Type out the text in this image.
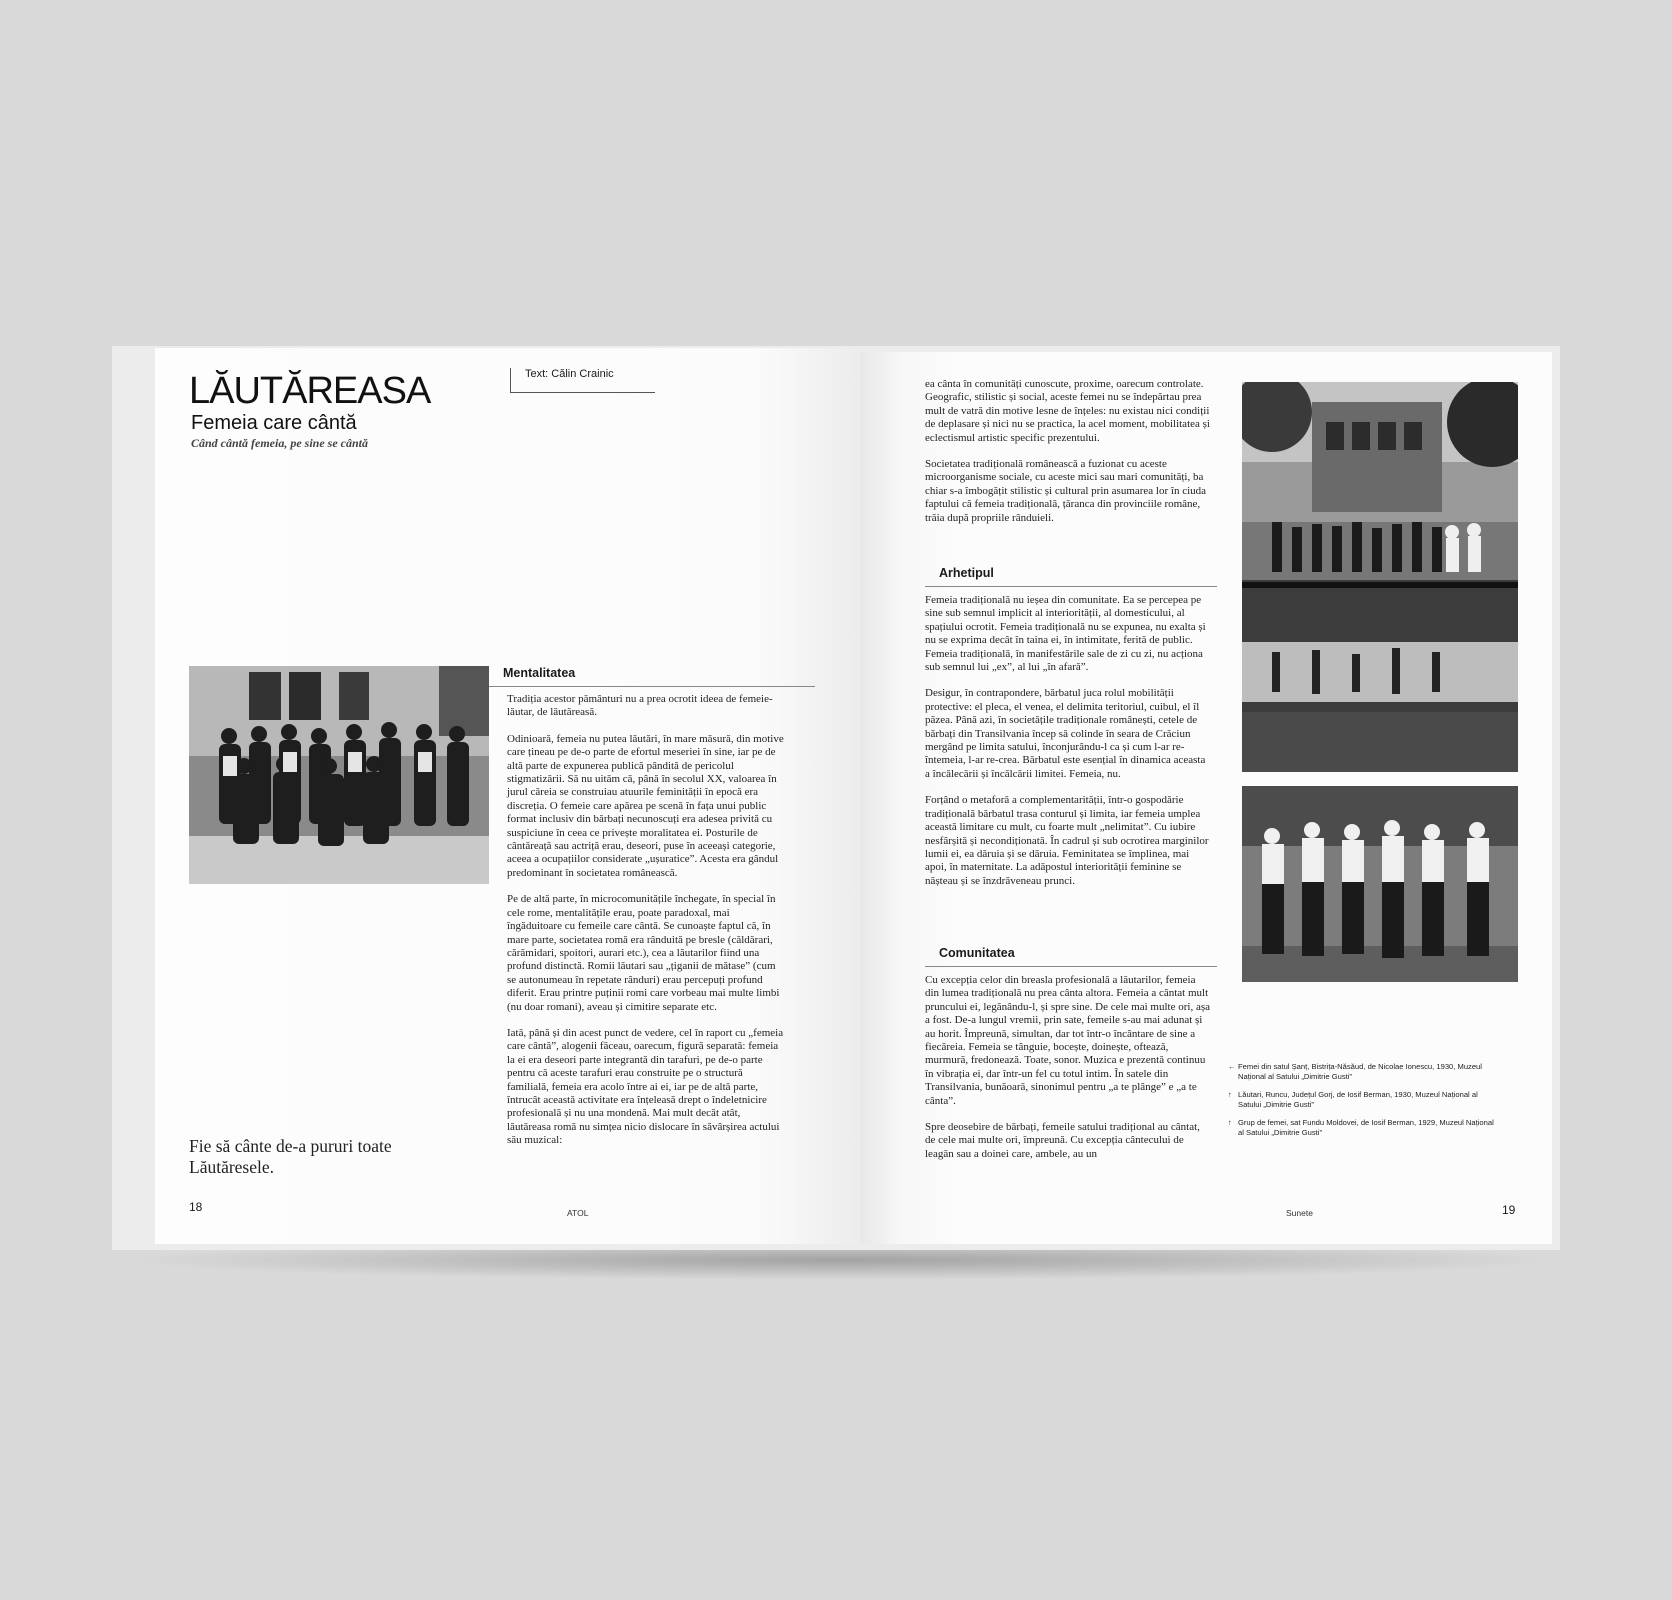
LĂUTĂREASA
Femeia care cântă
Când cântă femeia, pe sine se cântă
Text: Călin Crainic
Mentalitatea

Tradiția acestor pământuri nu a prea ocrotit ideea de femeie-lăutar, de lăutăreasă.

Odinioară, femeia nu putea lăutări, în mare măsură, din motive care țineau pe de-o parte de efortul meseriei în sine, iar pe de altă parte de expunerea publică pândită de pericolul stigmatizării. Să nu uităm că, până în secolul XX, valoarea în jurul căreia se construiau atuurile feminității în epocă era discreția. O femeie care apărea pe scenă în fața unui public format inclusiv din bărbați necunoscuți era adesea privită cu suspiciune în ceea ce privește moralitatea ei. Posturile de cântăreață sau actriță erau, deseori, puse în aceeași categorie, aceea a ocupațiilor considerate „ușuratice”. Acesta era gândul predominant în societatea românească.

Pe de altă parte, în microcomunitățile închegate, în special în cele rome, mentalitățile erau, poate paradoxal, mai îngăduitoare cu femeile care cântă. Se cunoaște faptul că, în mare parte, societatea romă era rânduită pe bresle (căldărari, cărămidari, spoitori, aurari etc.), cea a lăutarilor fiind una profund distinctă. Romii lăutari sau „țiganii de mătase” (cum se autonumeau în repetate rânduri) erau percepuți profund diferit. Erau printre puținii romi care vorbeau mai multe limbi (nu doar romani), aveau și cimitire separate etc.

Iată, până și din acest punct de vedere, cel în raport cu „femeia care cântă”, alogenii făceau, oarecum, figură separată: femeia la ei era deseori parte integrantă din tarafuri, pe de-o parte pentru că aceste tarafuri erau construite pe o structură familială, femeia era acolo între ai ei, iar pe de altă parte, întrucât această activitate era înțeleasă drept o îndeletnicire profesională și nu una mondenă. Mai mult decât atât, lăutăreasa romă nu simțea nicio dislocare în săvârșirea actului său muzical:

Fie să cânte de-a pururi toate Lăutăresele.
18	ATOL

ea cânta în comunități cunoscute, proxime, oarecum controlate. Geografic, stilistic și social, aceste femei nu se îndepărtau prea mult de vatră din motive lesne de înțeles: nu existau nici condiții de deplasare și nici nu se practica, la acel moment, mobilitatea și eclectismul artistic specific prezentului.

Societatea tradițională românească a fuzionat cu aceste microorganisme sociale, cu aceste mici sau mari comunități, ba chiar s-a îmbogățit stilistic și cultural prin asumarea lor în ciuda faptului că femeia tradițională, țăranca din provinciile române, trăia după propriile rânduieli.

Arhetipul

Femeia tradițională nu ieșea din comunitate. Ea se percepea pe sine sub semnul implicit al interiorității, al domesticului, al spațiului ocrotit. Femeia tradițională nu se expunea, nu exalta și nu se exprima decât în taina ei, în intimitate, ferită de public. Femeia tradițională, în manifestările sale de zi cu zi, nu acționa sub semnul lui „ex”, al lui „în afară”.

Desigur, în contrapondere, bărbatul juca rolul mobilității protective: el pleca, el venea, el delimita teritoriul, cuibul, el îl păzea. Până azi, în societățile tradiționale românești, cetele de bărbați din Transilvania încep să colinde în seara de Crăciun mergând pe limita satului, înconjurându-l ca și cum l-ar re-întemeia, l-ar re-crea. Bărbatul este esențial în dinamica aceasta a încălecării și încălcării limitei. Femeia, nu.

Forțând o metaforă a complementarității, într-o gospodărie tradițională bărbatul trasa conturul și limita, iar femeia umplea această limitare cu mult, cu foarte mult „nelimitat”. Cu iubire nesfârșită și necondiționată. În cadrul și sub ocrotirea marginilor lumii ei, ea dăruia și se dăruia. Feminitatea se împlinea, mai apoi, în maternitate. La adăpostul interiorității feminine se nășteau și se înzdrăveneau prunci.

Comunitatea

Cu excepția celor din breasla profesională a lăutarilor, femeia din lumea tradițională nu prea cânta altora. Femeia a cântat mult pruncului ei, legănându-l, și spre sine. De cele mai multe ori, așa a fost. De-a lungul vremii, prin sate, femeile s-au mai adunat și au horit. Împreună, simultan, dar tot într-o încântare de sine a fiecăreia. Femeia se tânguie, bocește, doinește, oftează, murmură, fredonează. Toate, sonor. Muzica e prezentă continuu în vibrația ei, dar într-un fel cu totul intim. În satele din Transilvania, bunăoară, sinonimul pentru „a te plânge” e „a te cânta”.

Spre deosebire de bărbați, femeile satului tradițional au cântat, de cele mai multe ori, împreună. Cu excepția cântecului de leagăn sau a doinei care, ambele, au un

← Femei din satul Șanț, Bistrița-Năsăud, de Nicolae Ionescu, 1930, Muzeul Național al Satului „Dimitrie Gusti”
↑ Lăutari, Runcu, Județul Gorj, de Iosif Berman, 1930, Muzeul Național al Satului „Dimitrie Gusti”
↑ Grup de femei, sat Fundu Moldovei, de Iosif Berman, 1929, Muzeul Național al Satului „Dimitrie Gusti”
Sunete	19
